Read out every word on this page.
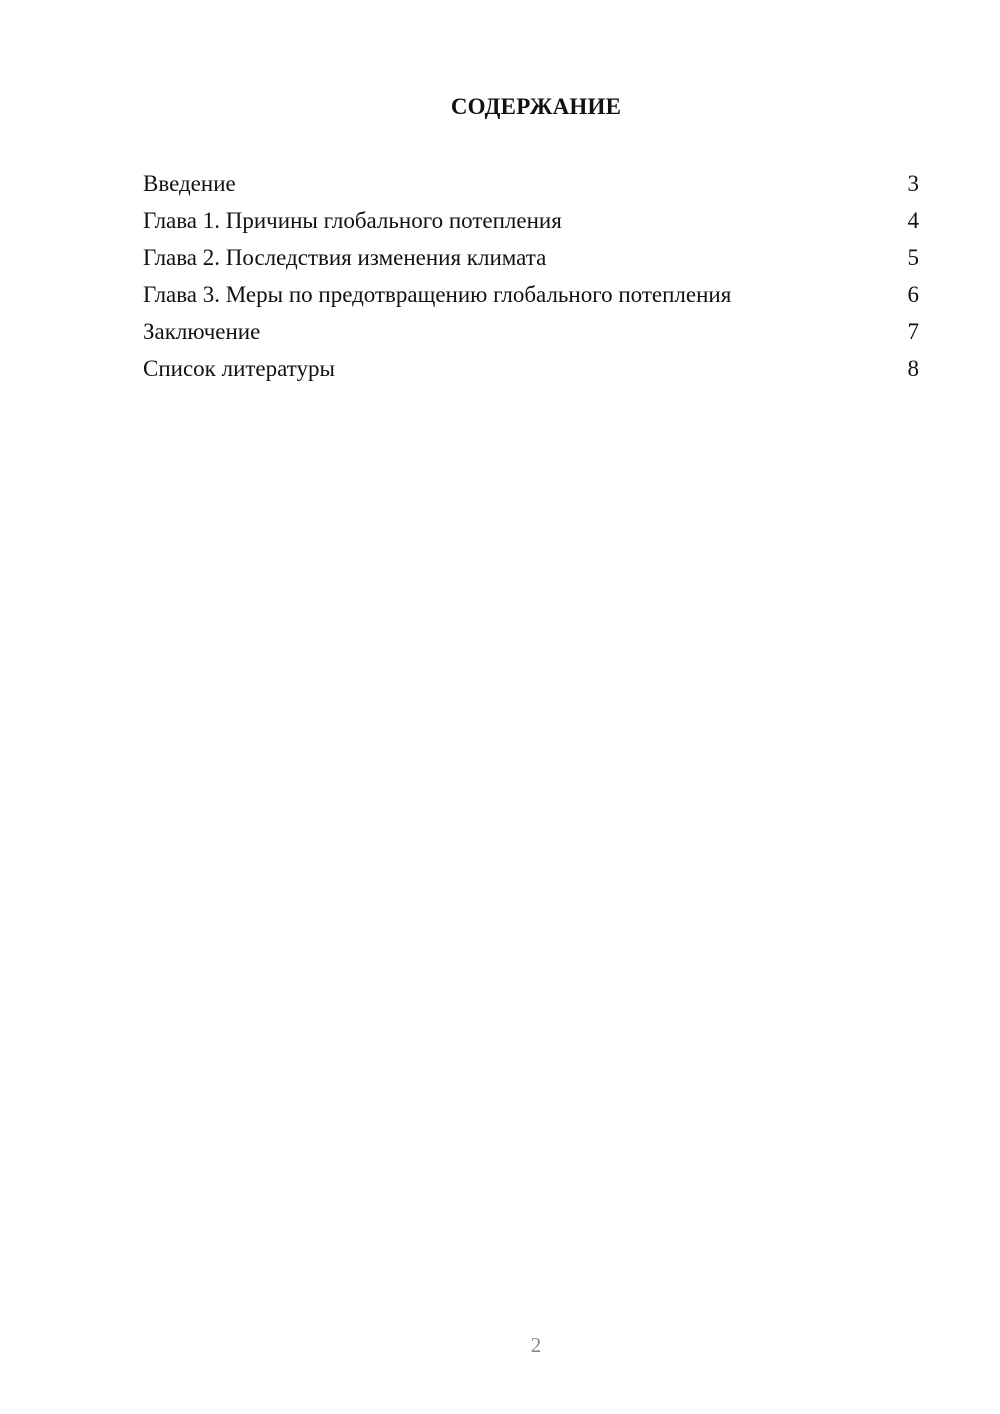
СОДЕРЖАНИЕ
Введение	3
Глава 1. Причины глобального потепления	4
Глава 2. Последствия изменения климата	5
Глава 3. Меры по предотвращению глобального потепления	6
Заключение	7
Список литературы	8
2
